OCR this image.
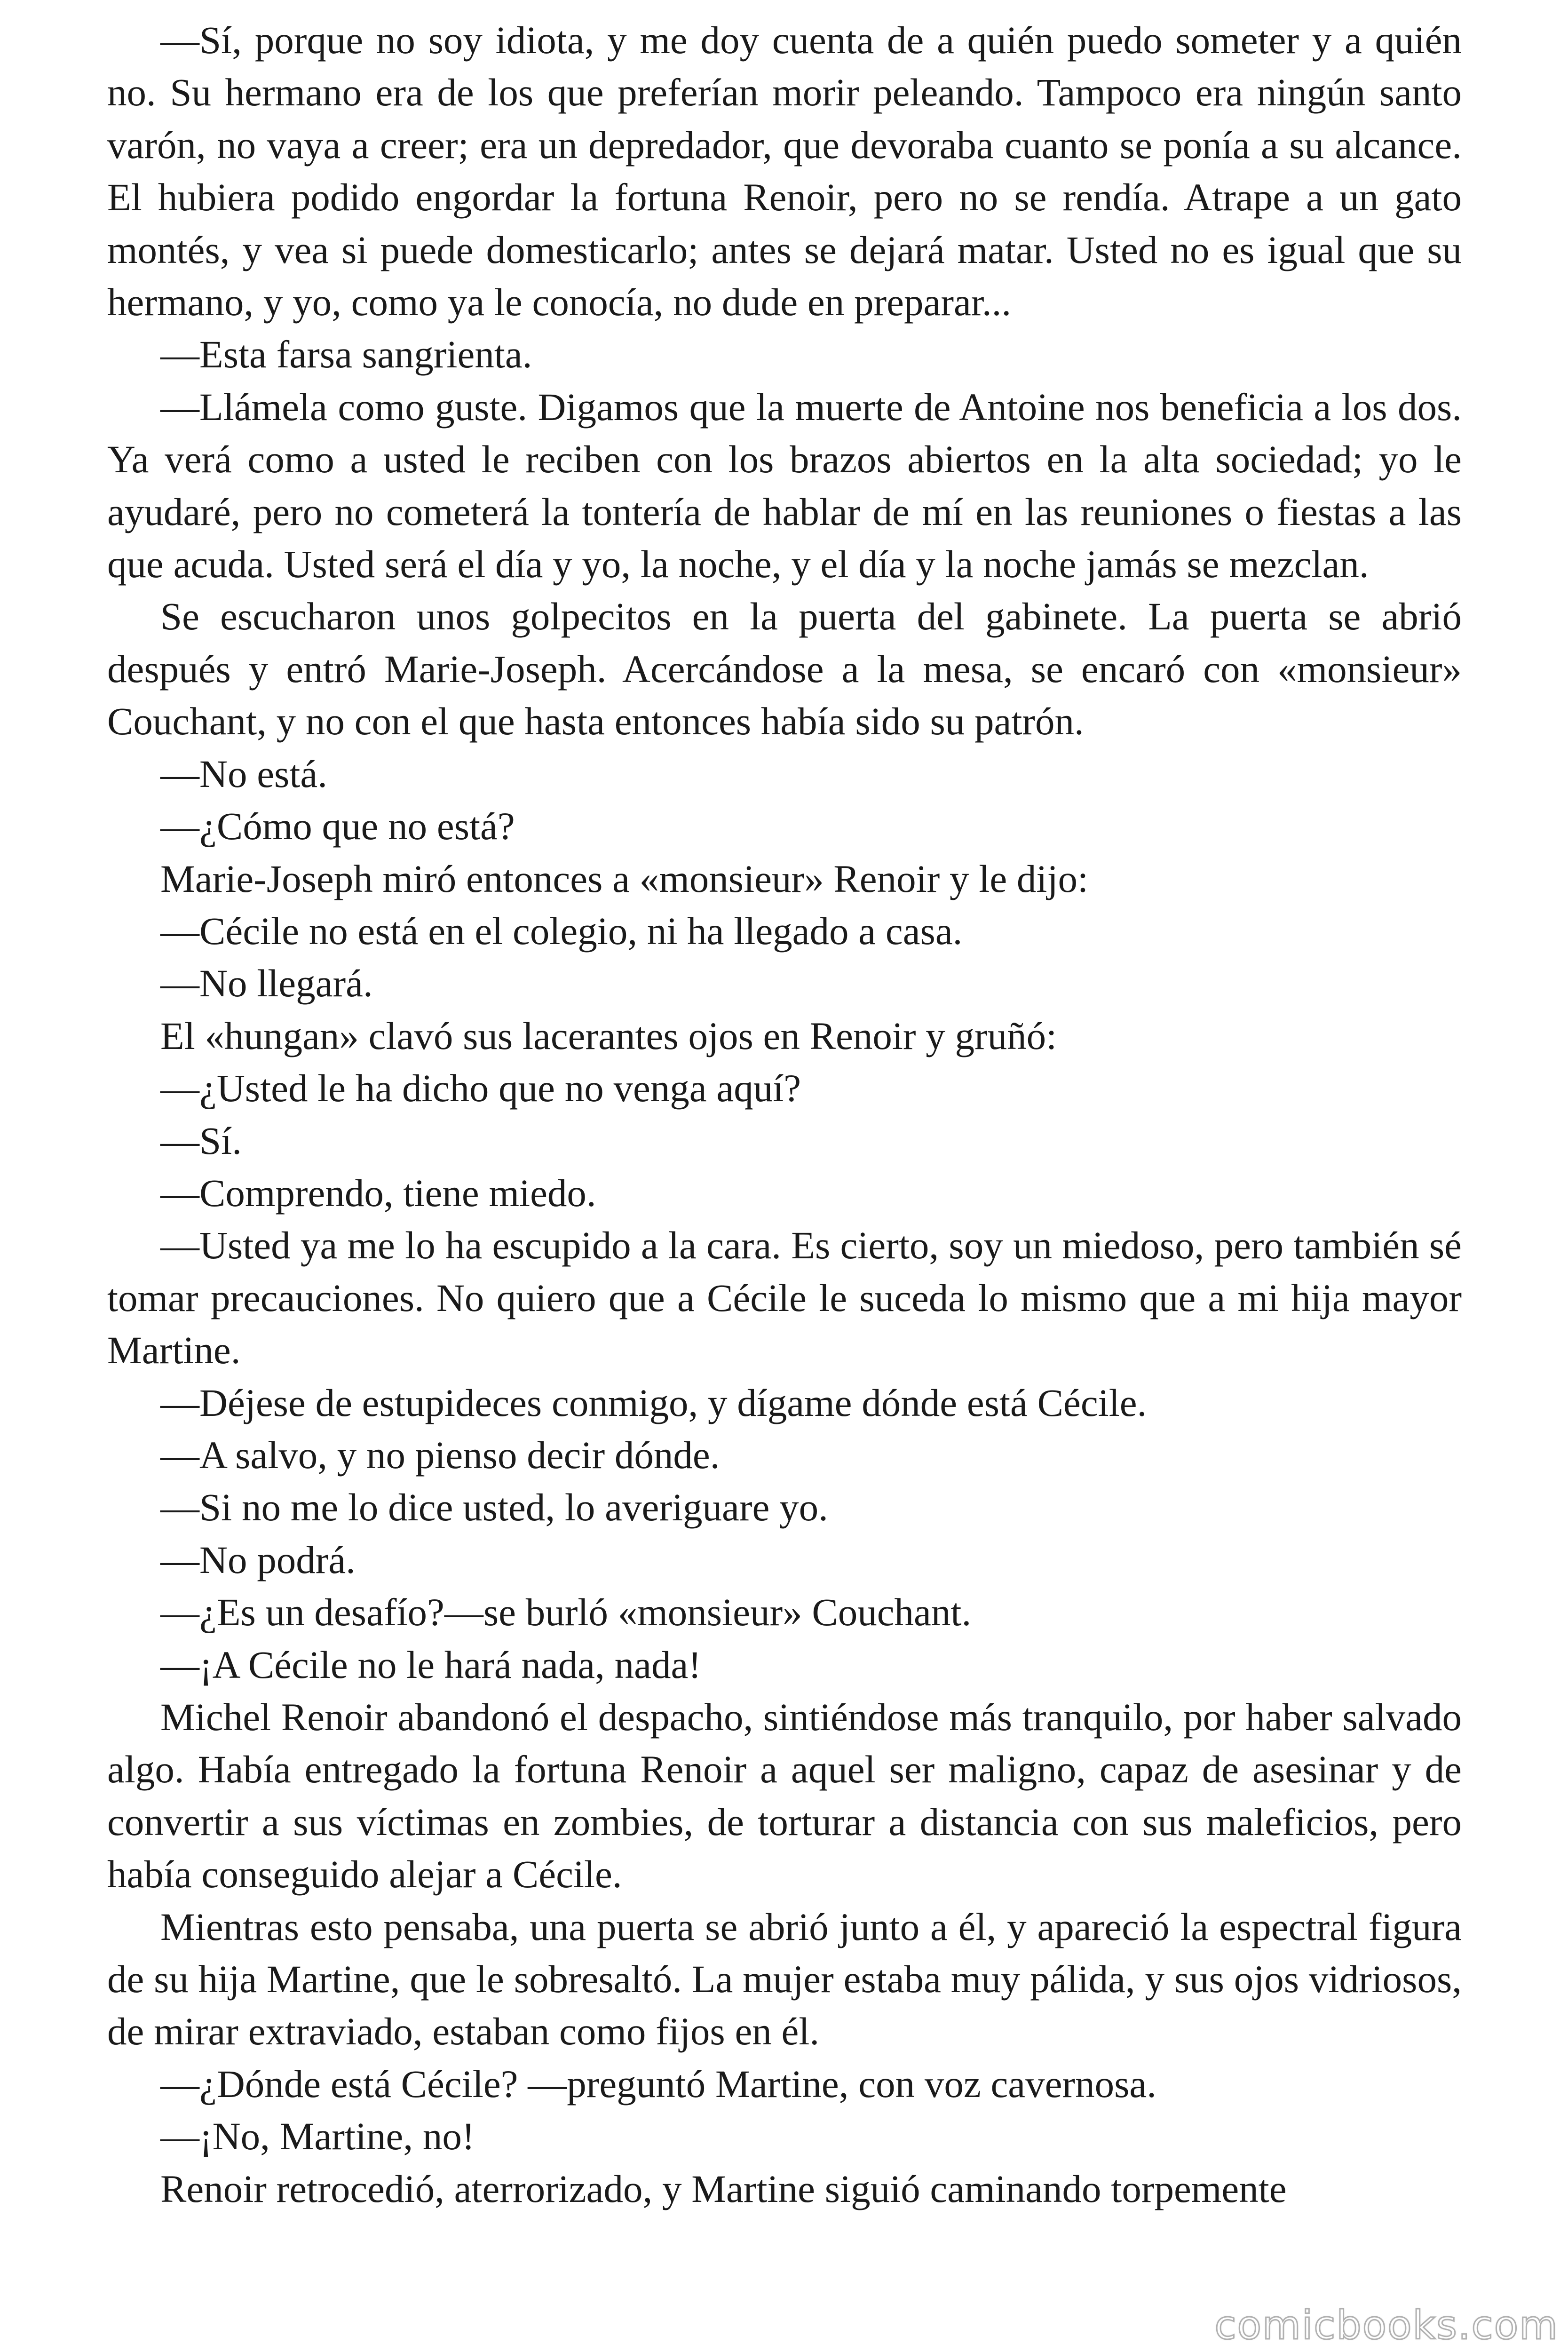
—Sí, porque no soy idiota, y me doy cuenta de a quién puedo someter y a quién no. Su hermano era de los que preferían morir peleando. Tampoco era ningún santo varón, no vaya a creer; era un depredador, que devoraba cuanto se ponía a su alcance. El hubiera podido engordar la fortuna Renoir, pero no se rendía. Atrape a un gato montés, y vea si puede domesticarlo; antes se dejará matar. Usted no es igual que su hermano, y yo, como ya le conocía, no dude en preparar...

—Esta farsa sangrienta.

—Llámela como guste. Digamos que la muerte de Antoine nos beneficia a los dos. Ya verá como a usted le reciben con los brazos abiertos en la alta sociedad; yo le ayudaré, pero no cometerá la tontería de hablar de mí en las reuniones o fiestas a las que acuda. Usted será el día y yo, la noche, y el día y la noche jamás se mezclan.

Se escucharon unos golpecitos en la puerta del gabinete. La puerta se abrió después y entró Marie-Joseph. Acercándose a la mesa, se encaró con «monsieur» Couchant, y no con el que hasta entonces había sido su patrón.

—No está.

—¿Cómo que no está?

Marie-Joseph miró entonces a «monsieur» Renoir y le dijo:

—Cécile no está en el colegio, ni ha llegado a casa.

—No llegará.

El «hungan» clavó sus lacerantes ojos en Renoir y gruñó:

—¿Usted le ha dicho que no venga aquí?

—Sí.

—Comprendo, tiene miedo.

—Usted ya me lo ha escupido a la cara. Es cierto, soy un miedoso, pero también sé tomar precauciones. No quiero que a Cécile le suceda lo mismo que a mi hija mayor Martine.

—Déjese de estupideces conmigo, y dígame dónde está Cécile.

—A salvo, y no pienso decir dónde.

—Si no me lo dice usted, lo averiguare yo.

—No podrá.

—¿Es un desafío?—se burló «monsieur» Couchant.

—¡A Cécile no le hará nada, nada!

Michel Renoir abandonó el despacho, sintiéndose más tranquilo, por haber salvado algo. Había entregado la fortuna Renoir a aquel ser maligno, capaz de asesinar y de convertir a sus víctimas en zombies, de torturar a distancia con sus maleficios, pero había conseguido alejar a Cécile.

Mientras esto pensaba, una puerta se abrió junto a él, y apareció la espectral figura de su hija Martine, que le sobresaltó. La mujer estaba muy pálida, y sus ojos vidriosos, de mirar extraviado, estaban como fijos en él.

—¿Dónde está Cécile? —preguntó Martine, con voz cavernosa.

—¡No, Martine, no!

Renoir retrocedió, aterrorizado, y Martine siguió caminando torpemente

comicbooks.com
